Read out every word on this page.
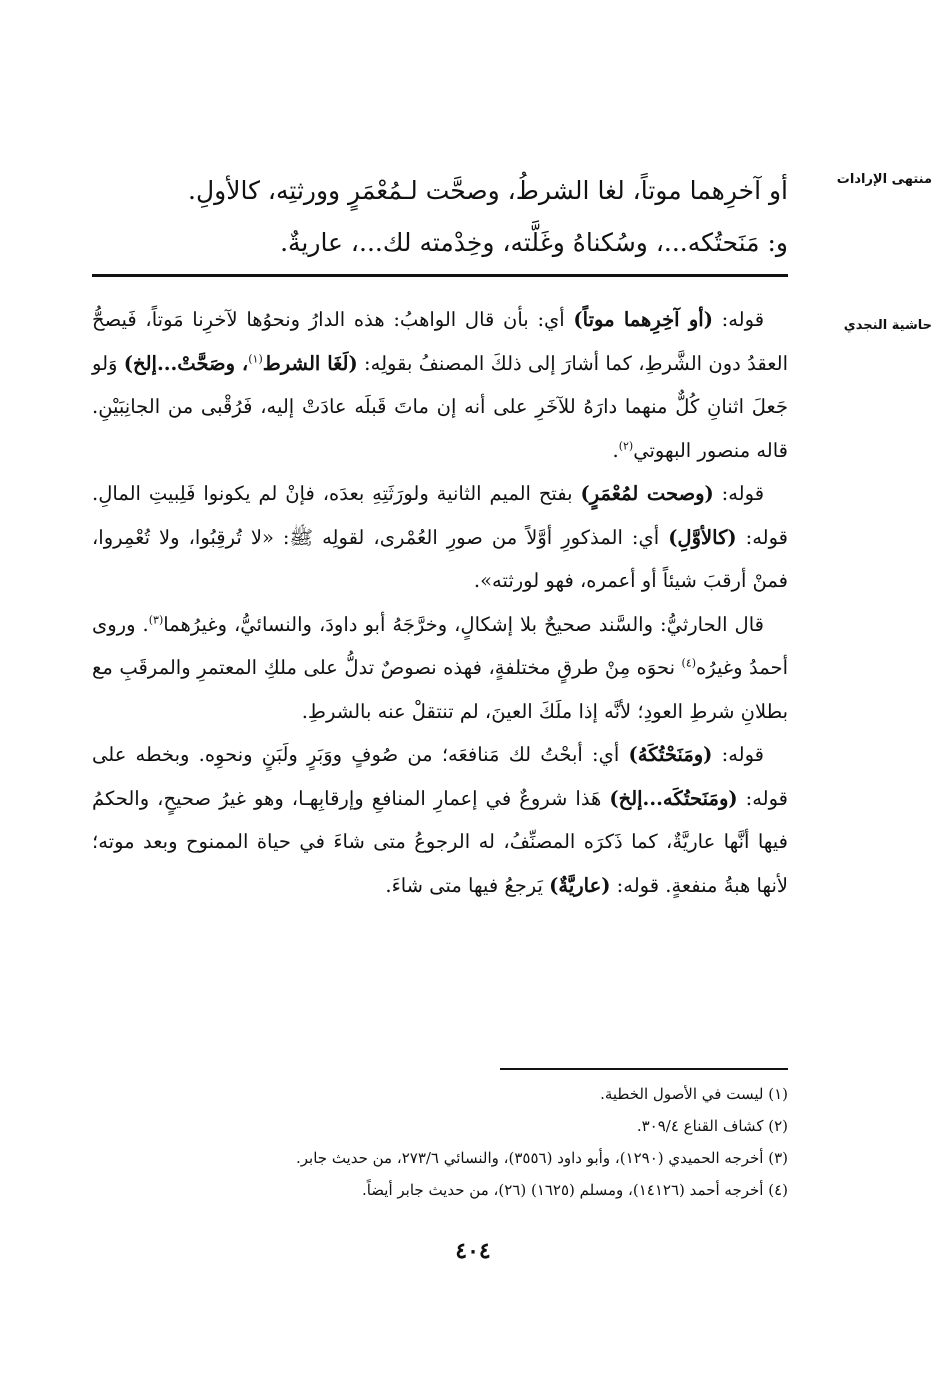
منتهى الإرادات
حاشية النجدي

أو آخرِهما موتاً، لغا الشرطُ، وصحَّت لـمُعْمَرٍ وورثتِه، كالأولِ.

و: مَنَحتُكه...، وسُكناهُ وغَلَّته، وخِدْمته لك...، عاريةٌ.

قوله: (أو آخِرِهما موتاً) أي: بأن قال الواهبُ: هذه الدارُ ونحوُها لآخرِنا مَوتاً، فَيصحُّ العقدُ دون الشَّرطِ، كما أشارَ إلى ذلكَ المصنفُ بقولِه: (لَغَا الشرط$^{(١)}$، وصَحَّتْ...إلخ) وَلو جَعلَ اثنانِ كُلٌّ منهما دارَهُ للآخَرِ على أنه إن ماتَ قَبلَه عادَتْ إليه، فَرُقْبى من الجانِبَيْنِ. قاله منصور البهوتي$^{(٢)}$.

قوله: (وصحت لمُعْمَرٍ) بفتح الميم الثانية ولورَثَتِهِ بعدَه، فإنْ لم يكونوا فَلِبيتِ المالِ. قوله: (كالأوَّلِ) أي: المذكورِ أوَّلاً من صورِ العُمْرى، لقولِه ﷺ: «لا تُرقِبُوا، ولا تُعْمِروا، فمنْ أرقبَ شيئاً أو أعمره، فهو لورثته».

قال الحارثيُّ: والسَّند صحيحٌ بلا إشكالٍ، وخرَّجَهُ أبو داودَ، والنسائيُّ، وغيرُهما$^{(٣)}$. وروى أحمدُ وغيرُه$^{(٤)}$ نحوَه مِنْ طرقٍ مختلفةٍ، فهذه نصوصٌ تدلُّ على ملكِ المعتمرِ والمرقَبِ مع بطلانِ شرطِ العودِ؛ لأنَّه إذا ملَكَ العينَ، لم تنتقلْ عنه بالشرطِ.

قوله: (ومَنَحْتُكَهُ) أي: أبحْتُ لك مَنافعَه؛ من صُوفٍ ووَبَرٍ ولَبَنٍ ونحوِه. وبخطه على قوله: (ومَنَحتُكَه...إلخ) هَذا شروعٌ في إعمارِ المنافعِ وإرقابِهـا، وهو غيرُ صحيحٍ، والحكمُ فيها أنَّها عاريَّةٌ، كما ذَكرَه المصنِّفُ، له الرجوعُ متى شاءَ في حياة الممنوح وبعد موته؛ لأنها هبةُ منفعةٍ. قوله: (عاريَّةٌ) يَرجعُ فيها متى شاءَ.

(١) ليست في الأصول الخطية.
(٢) كشاف القناع ٣٠٩/٤.
(٣) أخرجه الحميدي (١٢٩٠)، وأبو داود (٣٥٥٦)، والنسائي ٢٧٣/٦، من حديث جابر.
(٤) أخرجه أحمد (١٤١٢٦)، ومسلم (١٦٢٥) (٢٦)، من حديث جابر أيضاً.
٤٠٤
